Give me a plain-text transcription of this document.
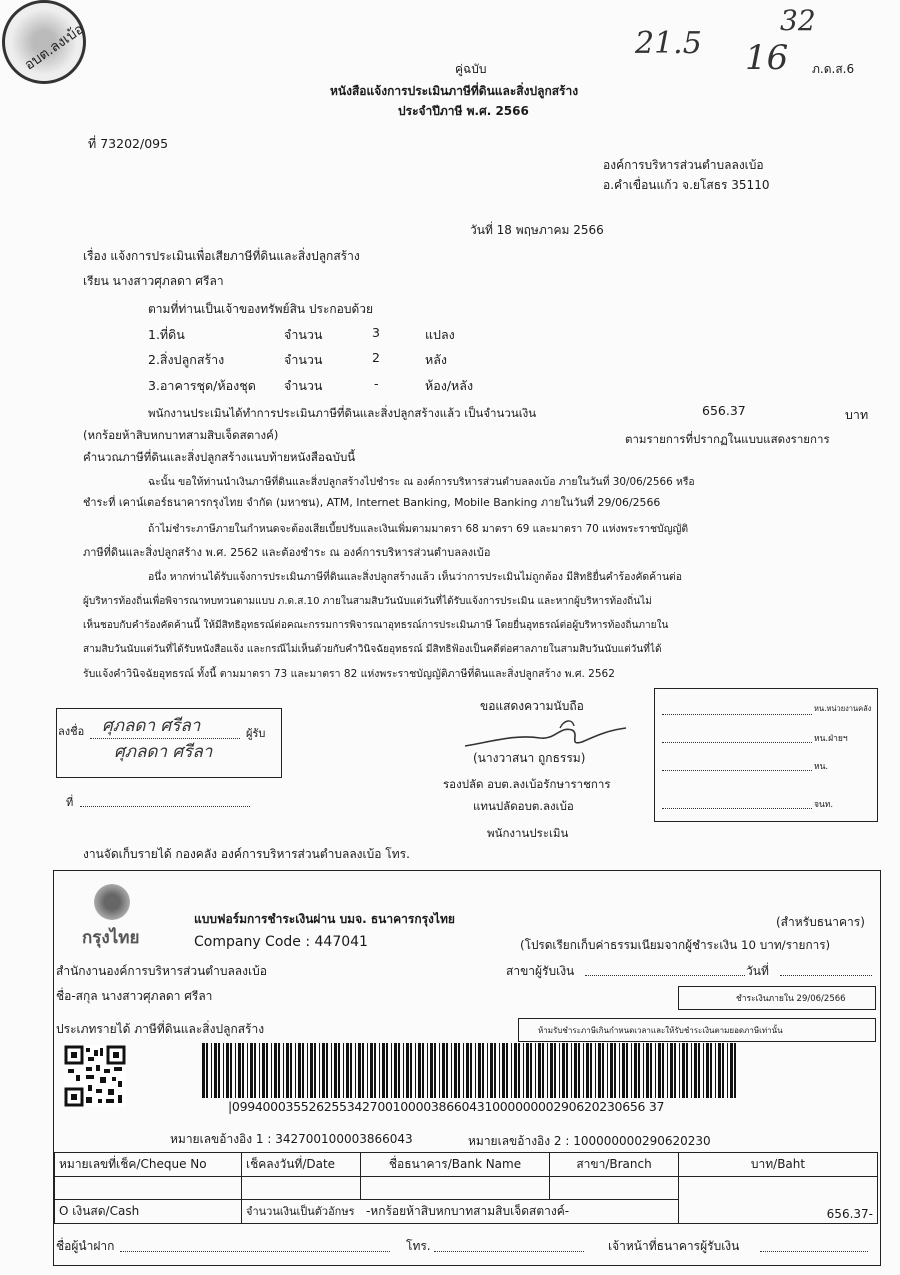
อบต.ลงเบ้อ	21.5 16
32
คู่ฉบับ	ภ.ด.ส.6
หนังสือแจ้งการประเมินภาษีที่ดินและสิ่งปลูกสร้าง
ประจำปีภาษี พ.ศ. 2566
ที่ 73202/095
องค์การบริหารส่วนตำบลลงเบ้อ
อ.คำเขื่อนแก้ว จ.ยโสธร 35110
วันที่ 18 พฤษภาคม 2566
เรื่อง แจ้งการประเมินเพื่อเสียภาษีที่ดินและสิ่งปลูกสร้าง
เรียน นางสาวศุภลดา ศรีลา
ตามที่ท่านเป็นเจ้าของทรัพย์สิน ประกอบด้วย
1.ที่ดิน	จำนวน	3	แปลง
2.สิ่งปลูกสร้าง	จำนวน	2	หลัง
3.อาคารชุด/ห้องชุด จำนวน	-	ห้อง/หลัง
พนักงานประเมินได้ทำการประเมินภาษีที่ดินและสิ่งปลูกสร้างแล้ว เป็นจำนวนเงิน	656.37	บาท
(หกร้อยห้าสิบหกบาทสามสิบเจ็ดสตางค์)	ตามรายการที่ปรากฏในแบบแสดงรายการ
คำนวณภาษีที่ดินและสิ่งปลูกสร้างแนบท้ายหนังสือฉบับนี้
ฉะนั้น ขอให้ท่านนำเงินภาษีที่ดินและสิ่งปลูกสร้างไปชำระ ณ องค์การบริหารส่วนตำบลลงเบ้อ ภายในวันที่ 30/06/2566 หรือ
ชำระที่ เคาน์เตอร์ธนาคารกรุงไทย จำกัด (มหาชน), ATM, Internet Banking, Mobile Banking ภายในวันที่ 29/06/2566
ถ้าไม่ชำระภาษีภายในกำหนดจะต้องเสียเบี้ยปรับและเงินเพิ่มตามมาตรา 68 มาตรา 69 และมาตรา 70 แห่งพระราชบัญญัติ
ภาษีที่ดินและสิ่งปลูกสร้าง พ.ศ. 2562 และต้องชำระ ณ องค์การบริหารส่วนตำบลลงเบ้อ
อนึ่ง หากท่านได้รับแจ้งการประเมินภาษีที่ดินและสิ่งปลูกสร้างแล้ว เห็นว่าการประเมินไม่ถูกต้อง มีสิทธิยื่นคำร้องคัดค้านต่อ
ผู้บริหารท้องถิ่นเพื่อพิจารณาทบทวนตามแบบ ภ.ด.ส.10 ภายในสามสิบวันนับแต่วันที่ได้รับแจ้งการประเมิน และหากผู้บริหารท้องถิ่นไม่
เห็นชอบกับคำร้องคัดค้านนี้ ให้มีสิทธิอุทธรณ์ต่อคณะกรรมการพิจารณาอุทธรณ์การประเมินภาษี โดยยื่นอุทธรณ์ต่อผู้บริหารท้องถิ่นภายใน
สามสิบวันนับแต่วันที่ได้รับหนังสือแจ้ง และกรณีไม่เห็นด้วยกับคำวินิจฉัยอุทธรณ์ มีสิทธิฟ้องเป็นคดีต่อศาลภายในสามสิบวันนับแต่วันที่ได้
รับแจ้งคำวินิจฉัยอุทธรณ์ ทั้งนี้ ตามมาตรา 73 และมาตรา 82 แห่งพระราชบัญญัติภาษีที่ดินและสิ่งปลูกสร้าง พ.ศ. 2562
ลงชื่อ	ผู้รับ
ศุภลดา ศรีลา
ศุภลดา ศรีลา
ที่
ขอแสดงความนับถือ
(นางวาสนา ถูกธรรม)
รองปลัด อบต.ลงเบ้อรักษาราชการ
แทนปลัดอบต.ลงเบ้อ
พนักงานประเมิน
หน.หน่วยงานคลัง
หน.ฝ่ายฯ
หน.
จนท.
งานจัดเก็บรายได้ กองคลัง องค์การบริหารส่วนตำบลลงเบ้อ โทร.
กรุงไทย
แบบฟอร์มการชำระเงินผ่าน บมจ. ธนาคารกรุงไทย	(สำหรับธนาคาร)
Company Code : 447041	(โปรดเรียกเก็บค่าธรรมเนียมจากผู้ชำระเงิน 10 บาท/รายการ)
สำนักงานองค์การบริหารส่วนตำบลลงเบ้อ	สาขาผู้รับเงิน	วันที่
ชื่อ-สกุล นางสาวศุภลดา ศรีลา	ชำระเงินภายใน 29/06/2566
ประเภทรายได้ ภาษีที่ดินและสิ่งปลูกสร้าง	ห้ามรับชำระภาษีเกินกำหนดเวลาและให้รับชำระเงินตามยอดภาษีเท่านั้น
|099400035526255342700100003866043100000000290620230656 37
หมายเลขอ้างอิง 1 : 342700100003866043	หมายเลขอ้างอิง 2 : 100000000290620230
หมายเลขที่เช็ค/Cheque No	เช็คลงวันที่/Date	ชื่อธนาคาร/Bank Name	สาขา/Branch	บาท/Baht
				656.37-
O เงินสด/Cash	จำนวนเงินเป็นตัวอักษร -หกร้อยห้าสิบหกบาทสามสิบเจ็ดสตางค์-			
ชื่อผู้นำฝาก	โทร.	เจ้าหน้าที่ธนาคารผู้รับเงิน
